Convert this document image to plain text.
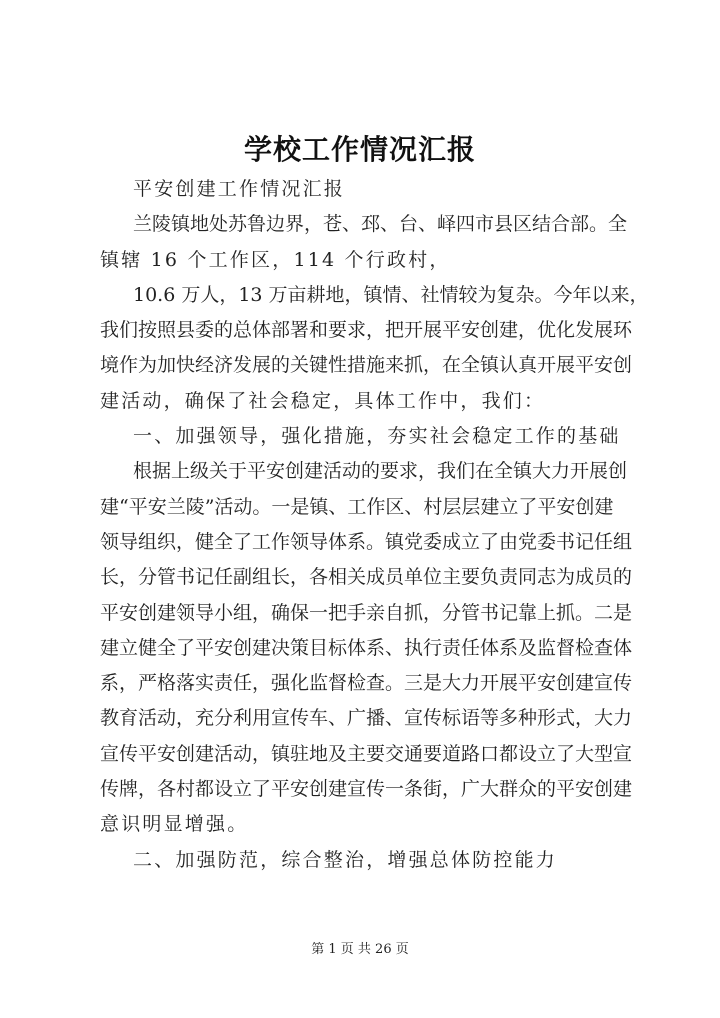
学校工作情况汇报
平安创建工作情况汇报
兰陵镇地处苏鲁边界，苍、邳、台、峄四市县区结合部。全
镇辖 16 个工作区，114 个行政村，
10.6 万人，13 万亩耕地，镇情、社情较为复杂。今年以来，
我们按照县委的总体部署和要求，把开展平安创建，优化发展环
境作为加快经济发展的关键性措施来抓，在全镇认真开展平安创
建活动，确保了社会稳定，具体工作中，我们：
一、加强领导，强化措施，夯实社会稳定工作的基础
根据上级关于平安创建活动的要求，我们在全镇大力开展创
建“平安兰陵”活动。一是镇、工作区、村层层建立了平安创建
领导组织，健全了工作领导体系。镇党委成立了由党委书记任组
长，分管书记任副组长，各相关成员单位主要负责同志为成员的
平安创建领导小组，确保一把手亲自抓，分管书记靠上抓。二是
建立健全了平安创建决策目标体系、执行责任体系及监督检查体
系，严格落实责任，强化监督检查。三是大力开展平安创建宣传
教育活动，充分利用宣传车、广播、宣传标语等多种形式，大力
宣传平安创建活动，镇驻地及主要交通要道路口都设立了大型宣
传牌，各村都设立了平安创建宣传一条街，广大群众的平安创建
意识明显增强。
二、加强防范，综合整治，增强总体防控能力
第 1 页 共 26 页
